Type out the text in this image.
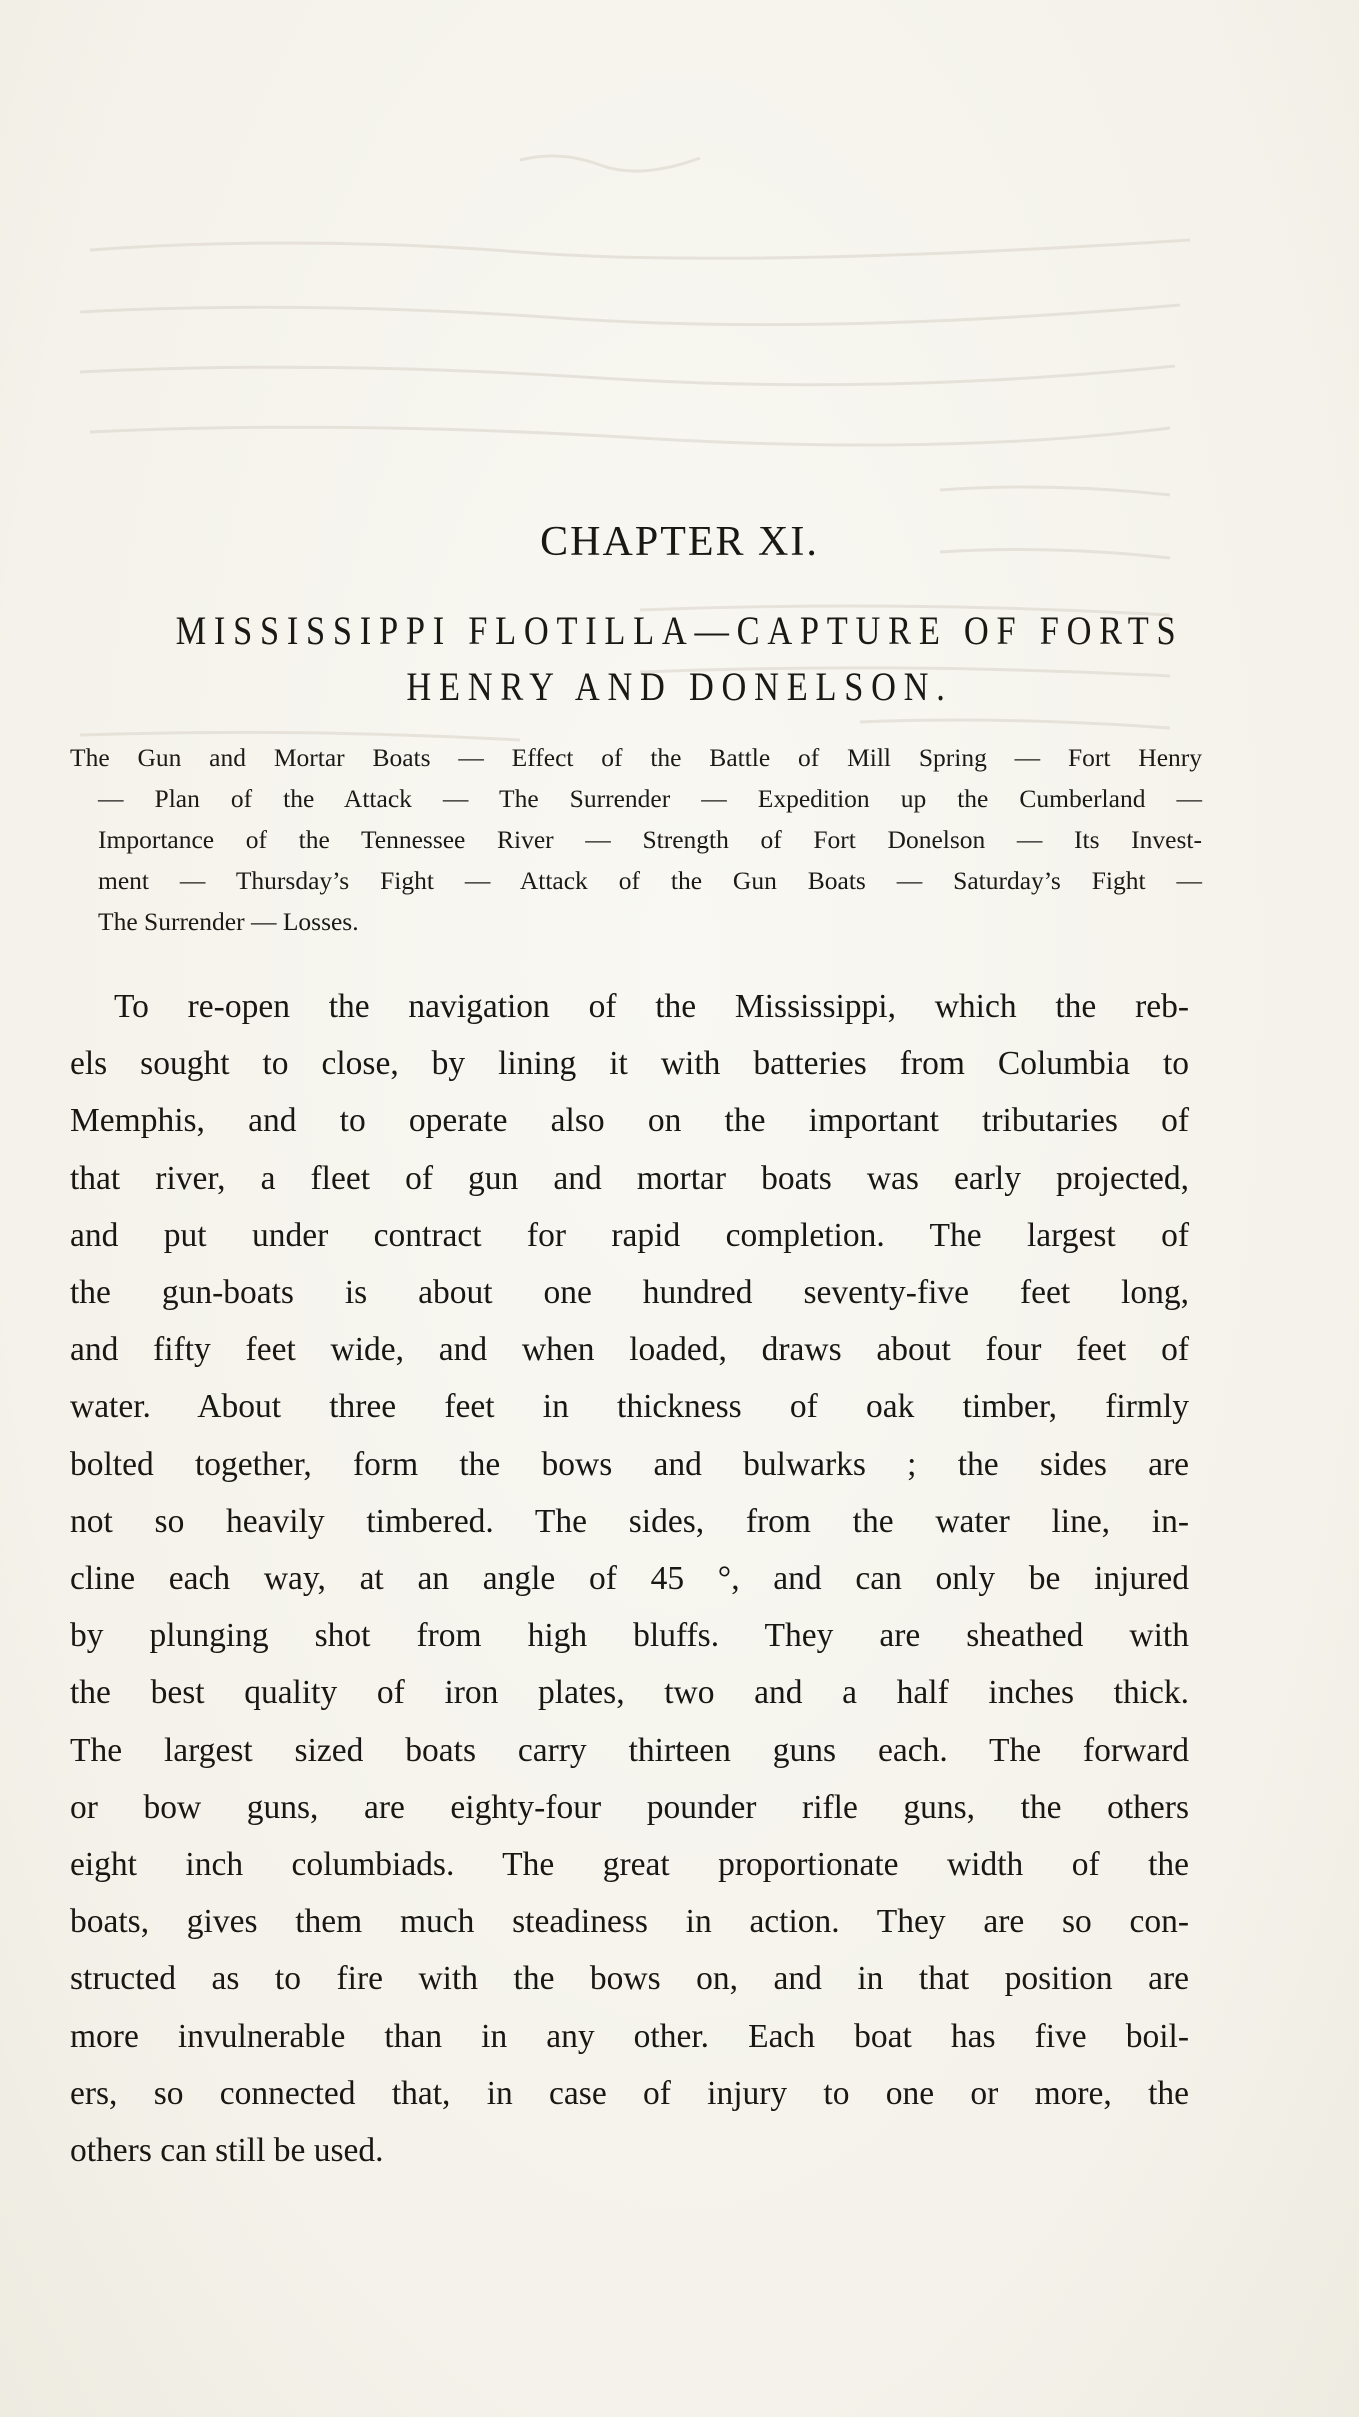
CHAPTER XI.
MISSISSIPPI FLOTILLA—CAPTURE OF FORTS
HENRY AND DONELSON.
The Gun and Mortar Boats — Effect of the Battle of Mill Spring — Fort Henry
— Plan of the Attack — The Surrender — Expedition up the Cumberland —
Importance of the Tennessee River — Strength of Fort Donelson — Its Invest-
ment — Thursday’s Fight — Attack of the Gun Boats — Saturday’s Fight —
The Surrender — Losses.
To re-open the navigation of the Mississippi, which the reb-
els sought to close, by lining it with batteries from Columbia to
Memphis, and to operate also on the important tributaries of
that river, a fleet of gun and mortar boats was early projected,
and put under contract for rapid completion. The largest of
the gun-boats is about one hundred seventy-five feet long,
and fifty feet wide, and when loaded, draws about four feet of
water. About three feet in thickness of oak timber, firmly
bolted together, form the bows and bulwarks ; the sides are
not so heavily timbered. The sides, from the water line, in-
cline each way, at an angle of 45 °, and can only be injured
by plunging shot from high bluffs. They are sheathed with
the best quality of iron plates, two and a half inches thick.
The largest sized boats carry thirteen guns each. The forward
or bow guns, are eighty-four pounder rifle guns, the others
eight inch columbiads. The great proportionate width of the
boats, gives them much steadiness in action. They are so con-
structed as to fire with the bows on, and in that position are
more invulnerable than in any other. Each boat has five boil-
ers, so connected that, in case of injury to one or more, the
others can still be used.
